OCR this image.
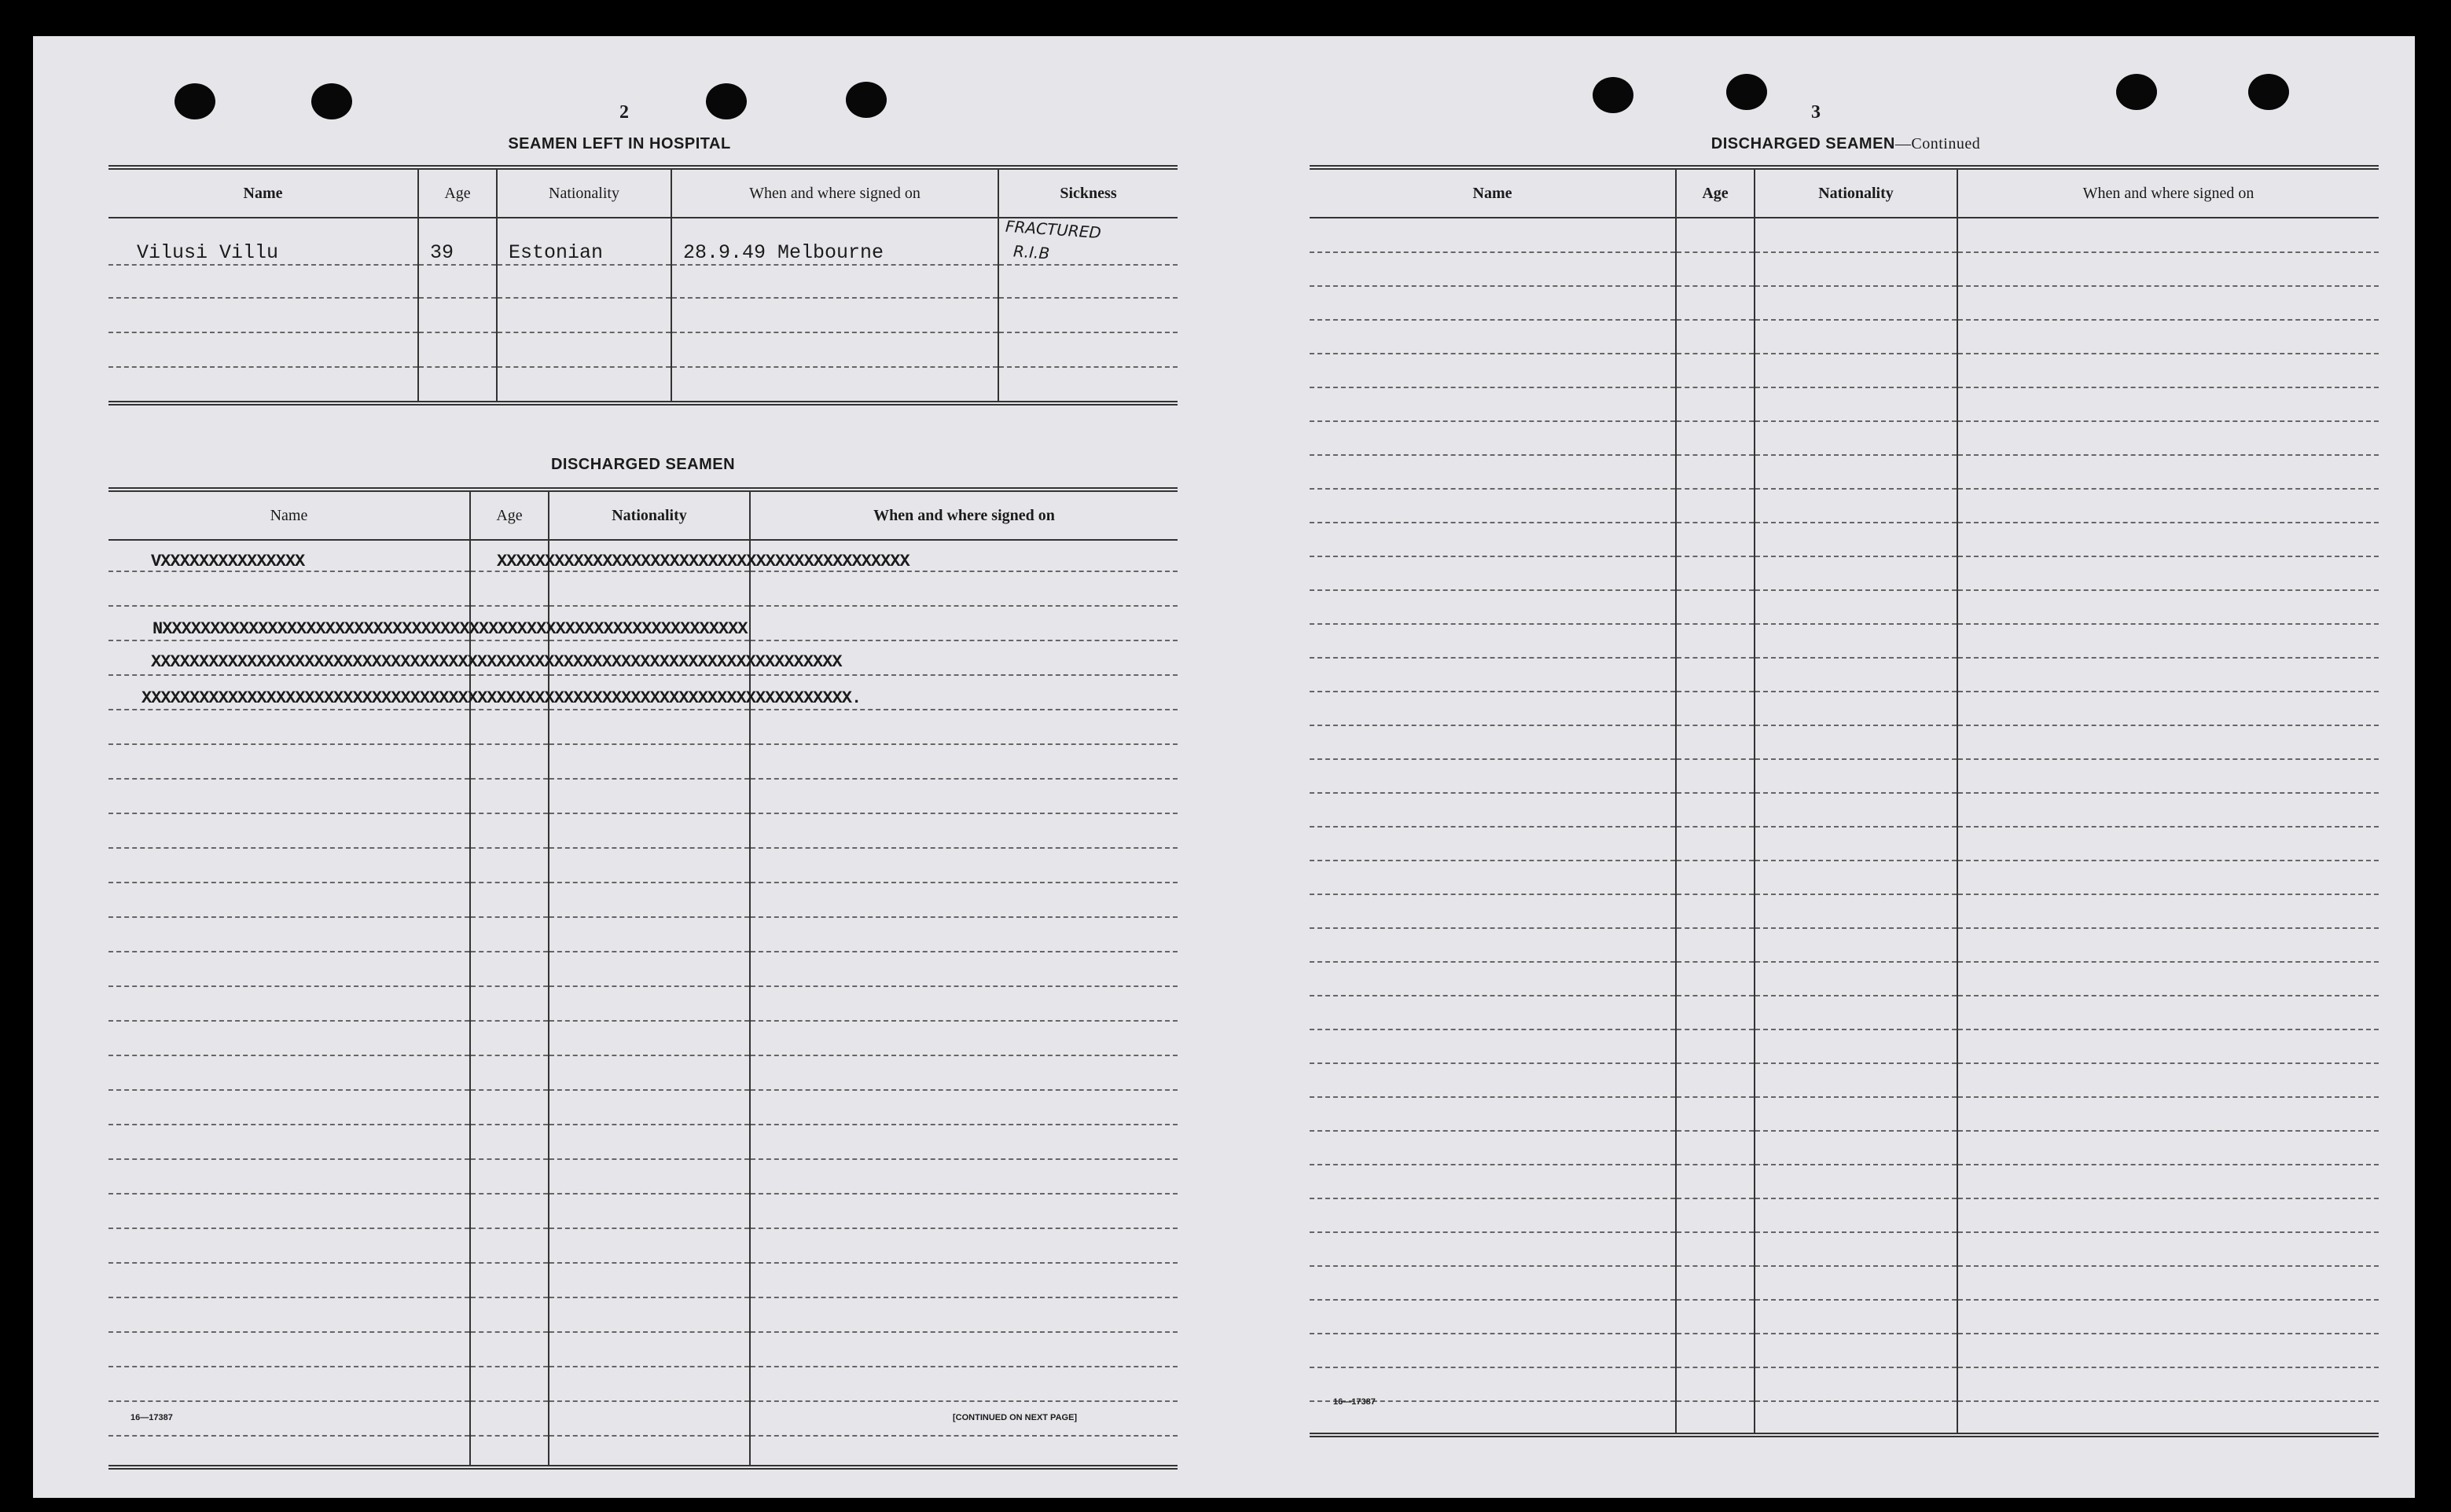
2
SEAMEN LEFT IN HOSPITAL
Name	Age	Nationality	When and where signed on	Sickness
Vilusi Villu	39	Estonian	28.9.49 Melbourne	FRACTURED
R.I.B

DISCHARGED SEAMEN
Name	Age	Nationality	When and where signed on

VXXXXXXXXXXXXXXX	XXXXXXXXXXXXXXXXXXXXXXXXXXXXXXXXXXXXXXXXXXX
NXXXXXXXXXXXXXXXXXXXXXXXXXXXXXXXXXXXXXXXXXXXXXXXXXXXXXXXXXXXXX
XXXXXXXXXXXXXXXXXXXXXXXXXXXXXXXXXXXXXXXXXXXXXXXXXXXXXXXXXXXXXXXXXXXXXXXX
XXXXXXXXXXXXXXXXXXXXXXXXXXXXXXXXXXXXXXXXXXXXXXXXXXXXXXXXXXXXXXXXXXXXXXXXXX.
16—17387	[CONTINUED ON NEXT PAGE]
3
DISCHARGED SEAMEN—Continued
Name	Age	Nationality	When and where signed on

16—17387
